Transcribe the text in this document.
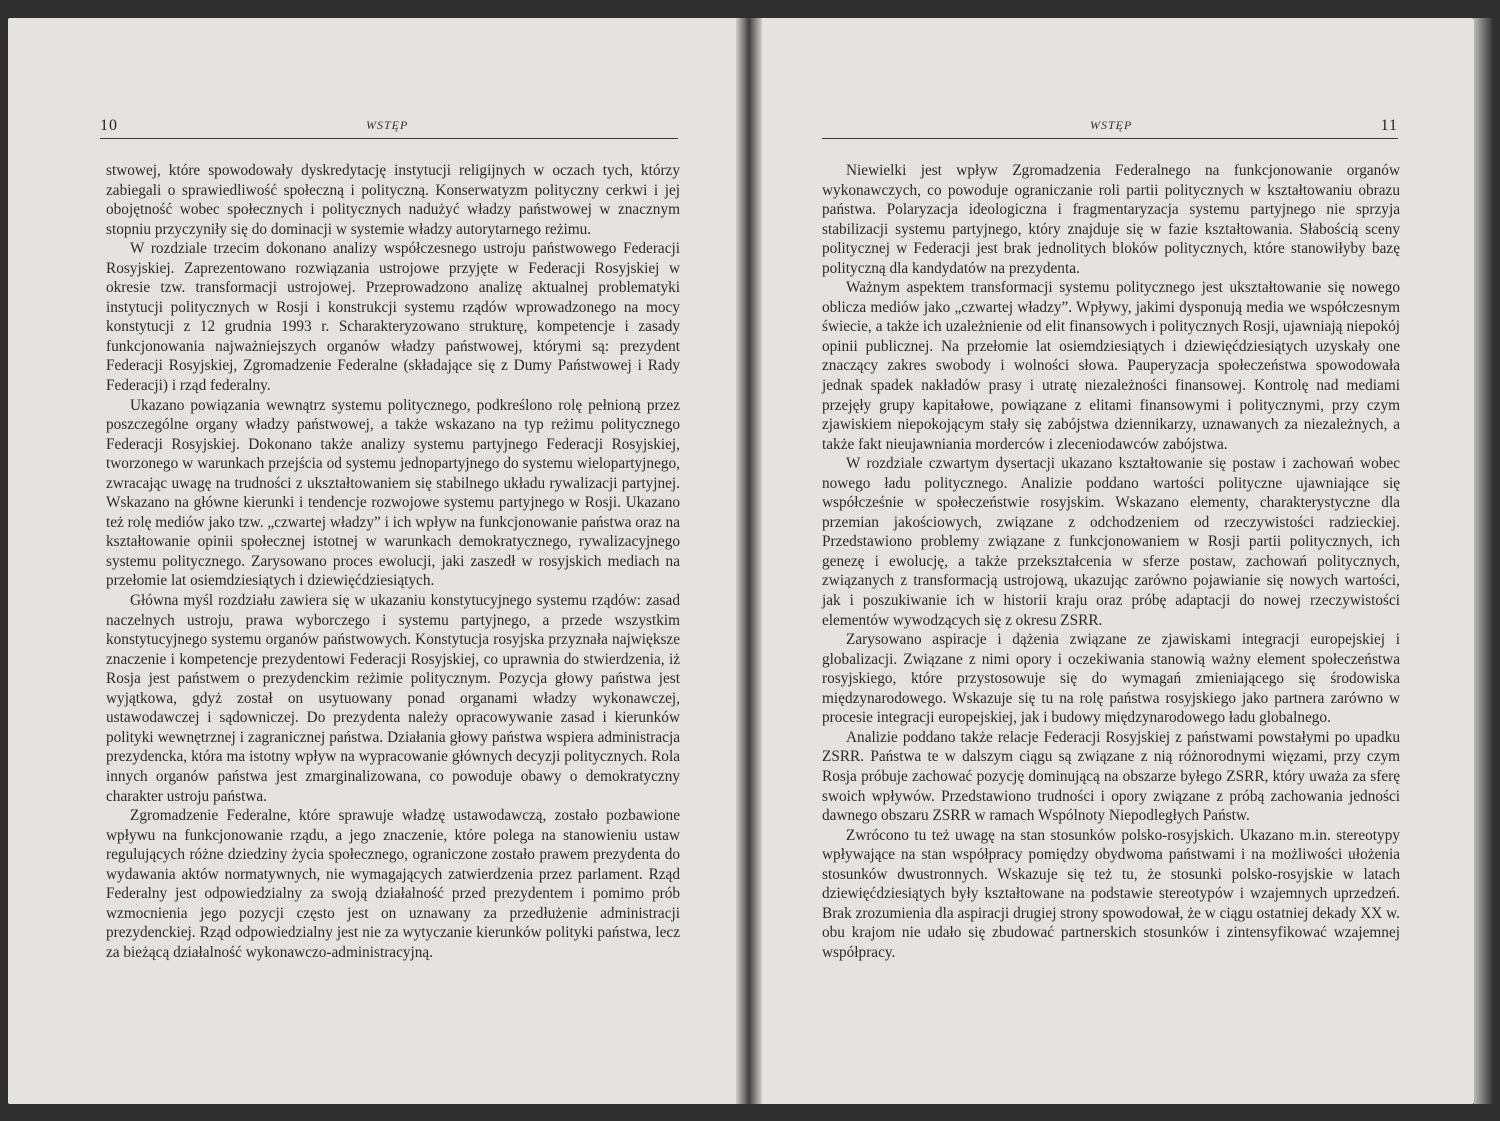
10	WSTĘP

stwowej, które spowodowały dyskredytację instytucji religijnych w oczach tych, którzy zabiegali o sprawiedliwość społeczną i polityczną. Konserwatyzm polityczny cerkwi i jej obojętność wobec społecznych i politycznych nadużyć władzy państwowej w znacznym stopniu przyczyniły się do dominacji w systemie władzy autorytarnego reżimu.

W rozdziale trzecim dokonano analizy współczesnego ustroju państwowego Federacji Rosyjskiej. Zaprezentowano rozwiązania ustrojowe przyjęte w Federacji Rosyjskiej w okresie tzw. transformacji ustrojowej. Przeprowadzono analizę aktualnej problematyki instytucji politycznych w Rosji i konstrukcji systemu rządów wprowadzonego na mocy konstytucji z 12 grudnia 1993 r. Scharakteryzowano strukturę, kompetencje i zasady funkcjonowania najważniejszych organów władzy państwowej, którymi są: prezydent Federacji Rosyjskiej, Zgromadzenie Federalne (składające się z Dumy Państwowej i Rady Federacji) i rząd federalny.

Ukazano powiązania wewnątrz systemu politycznego, podkreślono rolę pełnioną przez poszczególne organy władzy państwowej, a także wskazano na typ reżimu politycznego Federacji Rosyjskiej. Dokonano także analizy systemu partyjnego Federacji Rosyjskiej, tworzonego w warunkach przejścia od systemu jednopartyjnego do systemu wielopartyjnego, zwracając uwagę na trudności z ukształtowaniem się stabilnego układu rywalizacji partyjnej. Wskazano na główne kierunki i tendencje rozwojowe systemu partyjnego w Rosji. Ukazano też rolę mediów jako tzw. „czwartej władzy” i ich wpływ na funkcjonowanie państwa oraz na kształtowanie opinii społecznej istotnej w warunkach demokratycznego, rywalizacyjnego systemu politycznego. Zarysowano proces ewolucji, jaki zaszedł w rosyjskich mediach na przełomie lat osiemdziesiątych i dziewięćdziesiątych.

Główna myśl rozdziału zawiera się w ukazaniu konstytucyjnego systemu rządów: zasad naczelnych ustroju, prawa wyborczego i systemu partyjnego, a przede wszystkim konstytucyjnego systemu organów państwowych. Konstytucja rosyjska przyznała największe znaczenie i kompetencje prezydentowi Federacji Rosyjskiej, co uprawnia do stwierdzenia, iż Rosja jest państwem o prezydenckim reżimie politycznym. Pozycja głowy państwa jest wyjątkowa, gdyż został on usytuowany ponad organami władzy wykonawczej, ustawodawczej i sądowniczej. Do prezydenta należy opracowywanie zasad i kierunków polityki wewnętrznej i zagranicznej państwa. Działania głowy państwa wspiera administracja prezydencka, która ma istotny wpływ na wypracowanie głównych decyzji politycznych. Rola innych organów państwa jest zmarginalizowana, co powoduje obawy o demokratyczny charakter ustroju państwa.

Zgromadzenie Federalne, które sprawuje władzę ustawodawczą, zostało pozbawione wpływu na funkcjonowanie rządu, a jego znaczenie, które polega na stanowieniu ustaw regulujących różne dziedziny życia społecznego, ograniczone zostało prawem prezydenta do wydawania aktów normatywnych, nie wymagających zatwierdzenia przez parlament. Rząd Federalny jest odpowiedzialny za swoją działalność przed prezydentem i pomimo prób wzmocnienia jego pozycji często jest on uznawany za przedłużenie administracji prezydenckiej. Rząd odpowiedzialny jest nie za wytyczanie kierunków polityki państwa, lecz za bieżącą działalność wykonawczo-administracyjną.

WSTĘP	11

Niewielki jest wpływ Zgromadzenia Federalnego na funkcjonowanie organów wykonawczych, co powoduje ograniczanie roli partii politycznych w kształtowaniu obrazu państwa. Polaryzacja ideologiczna i fragmentaryzacja systemu partyjnego nie sprzyja stabilizacji systemu partyjnego, który znajduje się w fazie kształtowania. Słabością sceny politycznej w Federacji jest brak jednolitych bloków politycznych, które stanowiłyby bazę polityczną dla kandydatów na prezydenta.

Ważnym aspektem transformacji systemu politycznego jest ukształtowanie się nowego oblicza mediów jako „czwartej władzy”. Wpływy, jakimi dysponują media we współczesnym świecie, a także ich uzależnienie od elit finansowych i politycznych Rosji, ujawniają niepokój opinii publicznej. Na przełomie lat osiemdziesiątych i dziewięćdziesiątych uzyskały one znaczący zakres swobody i wolności słowa. Pauperyzacja społeczeństwa spowodowała jednak spadek nakładów prasy i utratę niezależności finansowej. Kontrolę nad mediami przejęły grupy kapitałowe, powiązane z elitami finansowymi i politycznymi, przy czym zjawiskiem niepokojącym stały się zabójstwa dziennikarzy, uznawanych za niezależnych, a także fakt nieujawniania morderców i zleceniodawców zabójstwa.

W rozdziale czwartym dysertacji ukazano kształtowanie się postaw i zachowań wobec nowego ładu politycznego. Analizie poddano wartości polityczne ujawniające się współcześnie w społeczeństwie rosyjskim. Wskazano elementy, charakterystyczne dla przemian jakościowych, związane z odchodzeniem od rzeczywistości radzieckiej. Przedstawiono problemy związane z funkcjonowaniem w Rosji partii politycznych, ich genezę i ewolucję, a także przekształcenia w sferze postaw, zachowań politycznych, związanych z transformacją ustrojową, ukazując zarówno pojawianie się nowych wartości, jak i poszukiwanie ich w historii kraju oraz próbę adaptacji do nowej rzeczywistości elementów wywodzących się z okresu ZSRR.

Zarysowano aspiracje i dążenia związane ze zjawiskami integracji europejskiej i globalizacji. Związane z nimi opory i oczekiwania stanowią ważny element społeczeństwa rosyjskiego, które przystosowuje się do wymagań zmieniającego się środowiska międzynarodowego. Wskazuje się tu na rolę państwa rosyjskiego jako partnera zarówno w procesie integracji europejskiej, jak i budowy międzynarodowego ładu globalnego.

Analizie poddano także relacje Federacji Rosyjskiej z państwami powstałymi po upadku ZSRR. Państwa te w dalszym ciągu są związane z nią różnorodnymi więzami, przy czym Rosja próbuje zachować pozycję dominującą na obszarze byłego ZSRR, który uważa za sferę swoich wpływów. Przedstawiono trudności i opory związane z próbą zachowania jedności dawnego obszaru ZSRR w ramach Wspólnoty Niepodległych Państw.

Zwrócono tu też uwagę na stan stosunków polsko-rosyjskich. Ukazano m.in. stereotypy wpływające na stan współpracy pomiędzy obydwoma państwami i na możliwości ułożenia stosunków dwustronnych. Wskazuje się też tu, że stosunki polsko-rosyjskie w latach dziewięćdziesiątych były kształtowane na podstawie stereotypów i wzajemnych uprzedzeń. Brak zrozumienia dla aspiracji drugiej strony spowodował, że w ciągu ostatniej dekady XX w. obu krajom nie udało się zbudować partnerskich stosunków i zintensyfikować wzajemnej współpracy.
